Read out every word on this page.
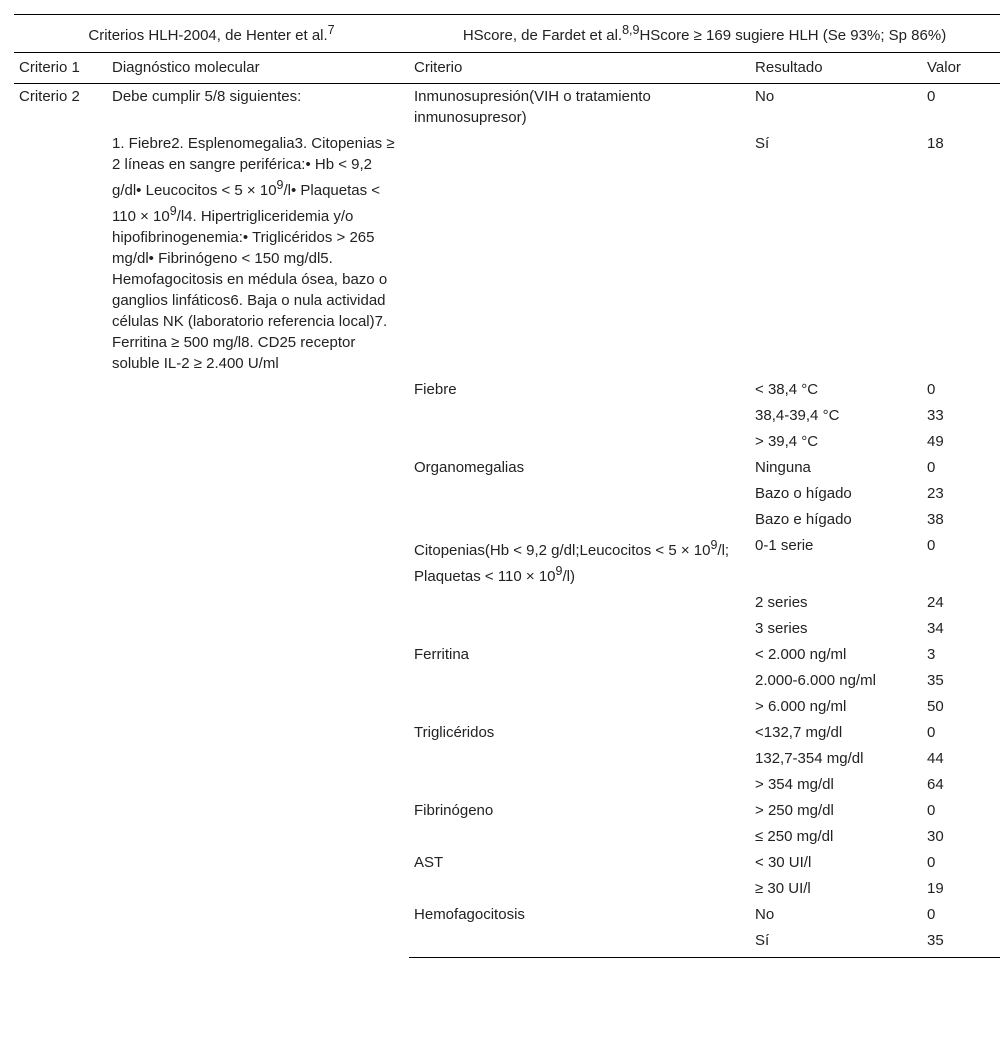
Criterios HLH-2004, de Henter et al.$^7$		HScore, de Fardet et al.$^{8,9}$HScore ≥ 169 sugiere HLH (Se 93%; Sp 86%)		
Criterio 1	Diagnóstico molecular	Criterio	Resultado	Valor
Criterio 2	Debe cumplir 5/8 siguientes:	Inmunosupresión(VIH o tratamiento inmunosupresor)	No	0
	1. Fiebre2. Esplenomegalia3. Citopenias ≥ 2 líneas en sangre periférica:• Hb < 9,2 g/dl• Leucocitos < $5 \times 10^9/l•$ Plaquetas < $110 \times 10^9/l4$. Hipertrigliceridemia y/o hipofibrinogenemia:• Triglicéridos > 265 mg/dl• Fibrinógeno < 150 mg/dl5. Hemofagocitosis en médula ósea, bazo o ganglios linfáticos6. Baja o nula actividad células NK (laboratorio referencia local)7. Ferritina ≥ 500 mg/l8. CD25 receptor soluble IL-2 ≥ 2.400 U/ml		Sí	18
		Fiebre	< 38,4 °C	0
			38,4-39,4 °C	33
			> 39,4 °C	49
		Organomegalias	Ninguna	0
			Bazo o hígado	23
			Bazo e hígado	38
		Citopenias(Hb < 9,2 g/dl;Leucocitos < $5 \times 10^9/l$; Plaquetas < $110 \times 10^9/l$)	0-1 serie	0
			2 series	24
			3 series	34
		Ferritina	< 2.000 ng/ml	3
			2.000-6.000 ng/ml	35
			> 6.000 ng/ml	50
		Triglicéridos	<132,7 mg/dl	0
			132,7-354 mg/dl	44
			> 354 mg/dl	64
		Fibrinógeno	> 250 mg/dl	0
			≤ 250 mg/dl	30
		AST	< 30 UI/l	0
			≥ 30 UI/l	19
		Hemofagocitosis	No	0
			Sí	35
